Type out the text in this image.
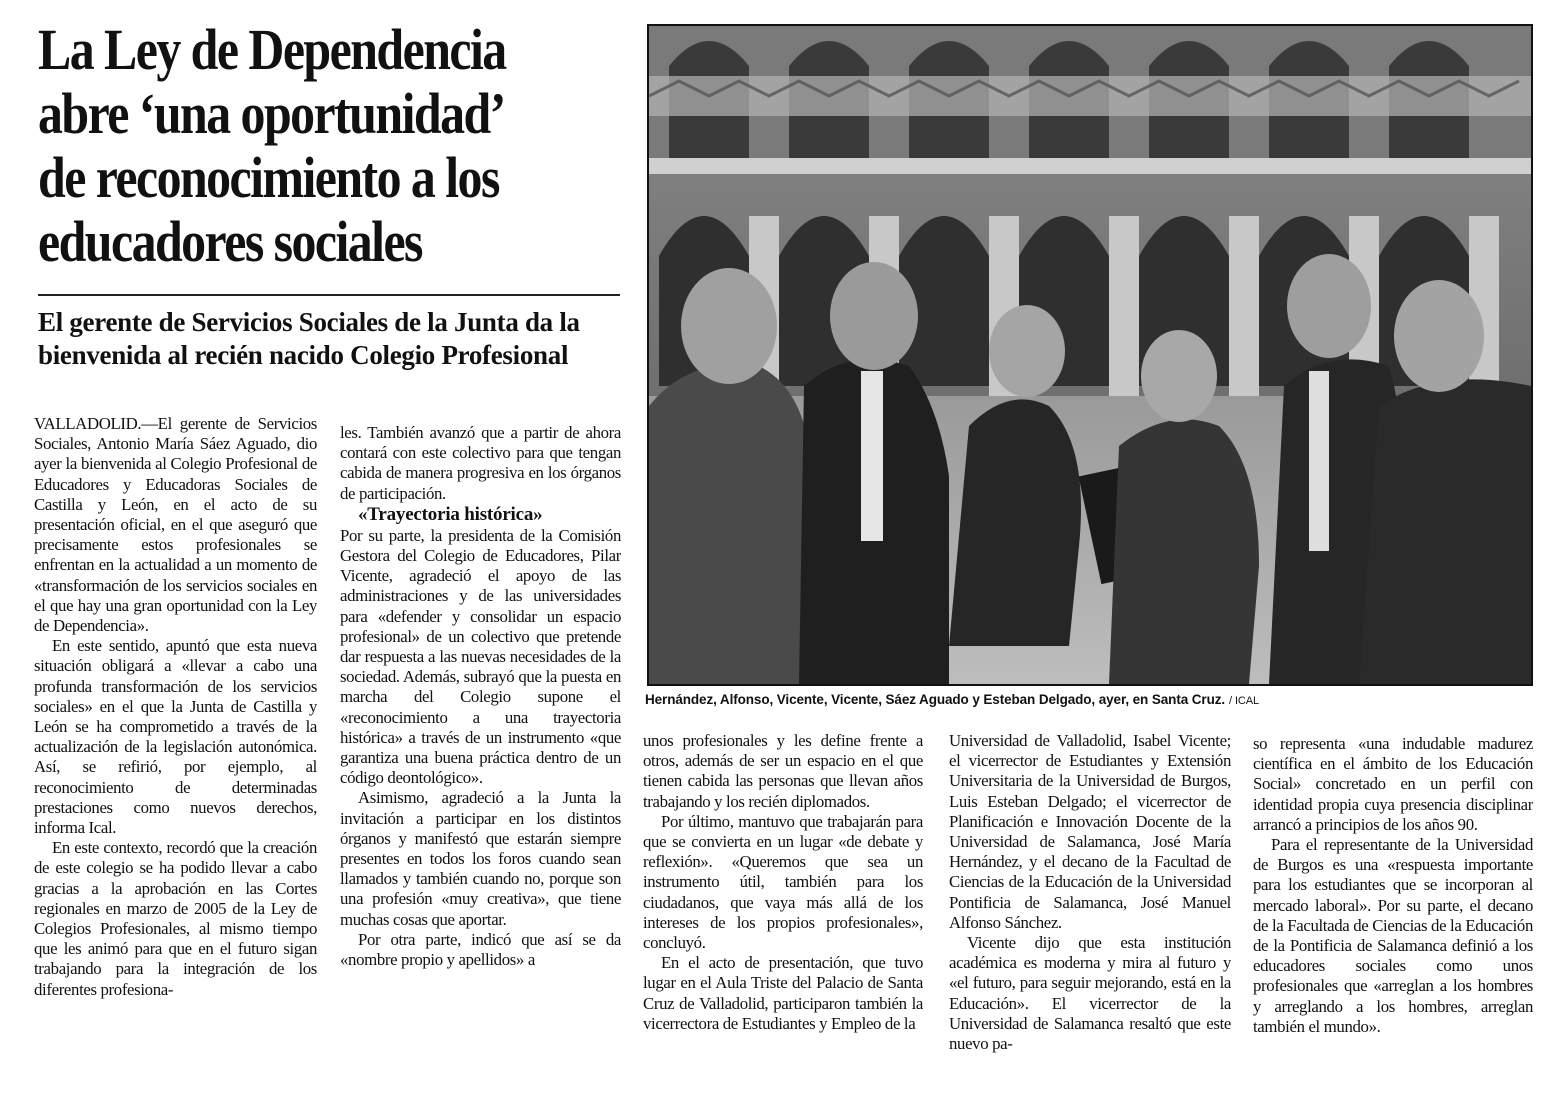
La Ley de Dependencia
abre ‘una oportunidad’
de reconocimiento a los
educadores sociales
El gerente de Servicios Sociales de la Junta da la
bienvenida al recién nacido Colegio Profesional
Hernández, Alfonso, Vicente, Vicente, Sáez Aguado y Esteban Delgado, ayer, en Santa Cruz. / ICAL

VALLADOLID.—El gerente de Servicios Sociales, Antonio María Sáez Aguado, dio ayer la bienvenida al Colegio Profesional de Educadores y Educadoras Sociales de Castilla y León, en el acto de su presentación oficial, en el que aseguró que precisamente estos profesionales se enfrentan en la actualidad a un momento de «transformación de los servicios sociales en el que hay una gran oportunidad con la Ley de Dependencia».

En este sentido, apuntó que esta nueva situación obligará a «llevar a cabo una profunda transformación de los servicios sociales» en el que la Junta de Castilla y León se ha comprometido a través de la actualización de la legislación autonómica. Así, se refirió, por ejemplo, al reconocimiento de determinadas prestaciones como nuevos derechos, informa Ical.

En este contexto, recordó que la creación de este colegio se ha podido llevar a cabo gracias a la aprobación en las Cortes regionales en marzo de 2005 de la Ley de Colegios Profesionales, al mismo tiempo que les animó para que en el futuro sigan trabajando para la integración de los diferentes profesiona-

les. También avanzó que a partir de ahora contará con este colectivo para que tengan cabida de manera progresiva en los órganos de participación.

«Trayectoria histórica»

Por su parte, la presidenta de la Comisión Gestora del Colegio de Educadores, Pilar Vicente, agradeció el apoyo de las administraciones y de las universidades para «defender y consolidar un espacio profesional» de un colectivo que pretende dar respuesta a las nuevas necesidades de la sociedad. Además, subrayó que la puesta en marcha del Colegio supone el «reconocimiento a una trayectoria histórica» a través de un instrumento «que garantiza una buena práctica dentro de un código deontológico».

Asimismo, agradeció a la Junta la invitación a participar en los distintos órganos y manifestó que estarán siempre presentes en todos los foros cuando sean llamados y también cuando no, porque son una profesión «muy creativa», que tiene muchas cosas que aportar.

Por otra parte, indicó que así se da «nombre propio y apellidos» a

unos profesionales y les define frente a otros, además de ser un espacio en el que tienen cabida las personas que llevan años trabajando y los recién diplomados.

Por último, mantuvo que trabajarán para que se convierta en un lugar «de debate y reflexión». «Queremos que sea un instrumento útil, también para los ciudadanos, que vaya más allá de los intereses de los propios profesionales», concluyó.

En el acto de presentación, que tuvo lugar en el Aula Triste del Palacio de Santa Cruz de Valladolid, participaron también la vicerrectora de Estudiantes y Empleo de la

Universidad de Valladolid, Isabel Vicente; el vicerrector de Estudiantes y Extensión Universitaria de la Universidad de Burgos, Luis Esteban Delgado; el vicerrector de Planificación e Innovación Docente de la Universidad de Salamanca, José María Hernández, y el decano de la Facultad de Ciencias de la Educación de la Universidad Pontificia de Salamanca, José Manuel Alfonso Sánchez.

Vicente dijo que esta institución académica es moderna y mira al futuro y «el futuro, para seguir mejorando, está en la Educación». El vicerrector de la Universidad de Salamanca resaltó que este nuevo pa-

so representa «una indudable madurez científica en el ámbito de los Educación Social» concretado en un perfil con identidad propia cuya presencia disciplinar arrancó a principios de los años 90.

Para el representante de la Universidad de Burgos es una «respuesta importante para los estudiantes que se incorporan al mercado laboral». Por su parte, el decano de la Facultada de Ciencias de la Educación de la Pontificia de Salamanca definió a los educadores sociales como unos profesionales que «arreglan a los hombres y arreglando a los hombres, arreglan también el mundo».
